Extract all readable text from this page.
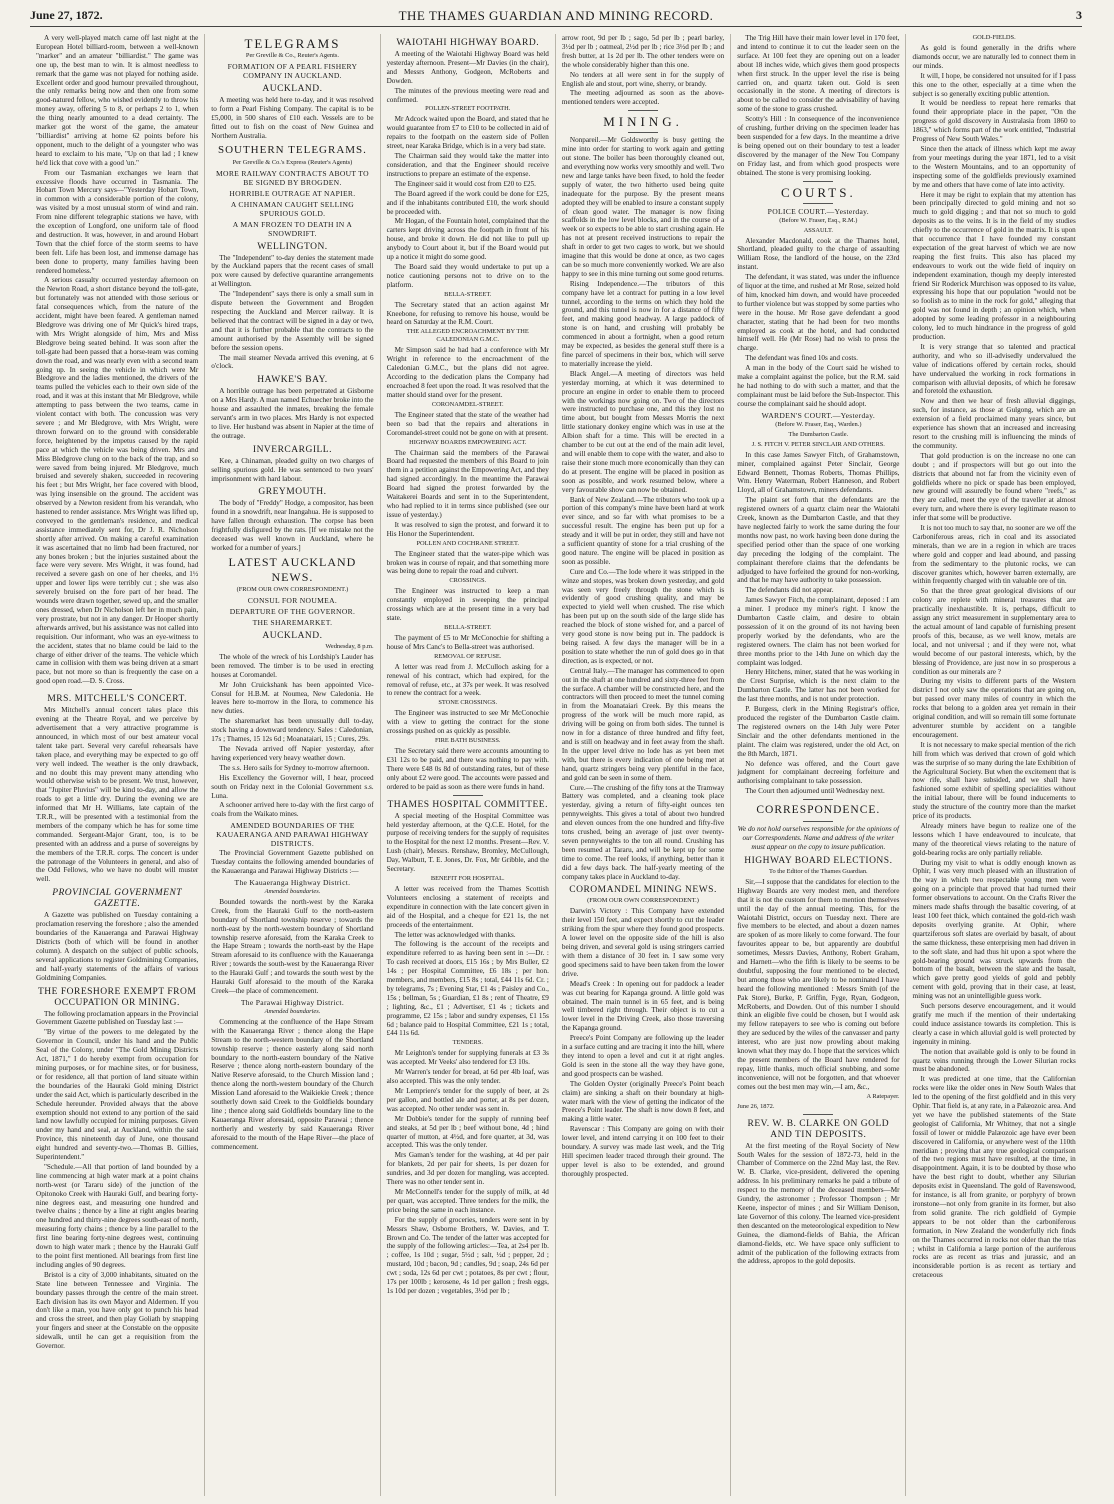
June 27, 1872.	THE THAMES GUARDIAN AND MINING RECORD.	3

A very well-played match came off last night at the European Hotel billiard-room, between a well-known "marker" and an amateur "billiardist." The game was one up, the best man to win. It is almost needless to remark that the game was not played for nothing aside. Excellent order and good humour prevailed throughout, the only remarks being now and then one from some good-natured fellow, who wished evidently to throw his money away, offering 5 to 8, or perhaps 2 to 1, when the thing nearly amounted to a dead certainty. The marker got the worst of the game, the amateur "billiardist" arriving at home 62 points before his opponent, much to the delight of a youngster who was heard to exclaim to his mate, "Up on that lad ; I knew he'd lick that cove with a good 'un."

From our Tasmanian exchanges we learn that excessive floods have occurred in Tasmania. The Hobart Town Mercury says—"Yesterday Hobart Town, in common with a considerable portion of the colony, was visited by a most unusual storm of wind and rain. From nine different telegraphic stations we have, with the exception of Longford, one uniform tale of flood and destruction. It was, however, in and around Hobart Town that the chief force of the storm seems to have been felt. Life has been lost, and immense damage has been done to property, many families having been rendered homeless."

A serious casualty occurred yesterday afternoon on the Newton Road, a short distance beyond the toll-gate, but fortunately was not attended with those serious or fatal consequences which, from the nature of the accident, might have been feared. A gentleman named Bledgrove was driving one of Mr Quick's hired traps, with Mrs Wright alongside of him, Mrs and Miss Bledgrove being seated behind. It was soon after the toll-gate had been passed that a horse-team was coming down the road, and was nearly even with a second team going up. In seeing the vehicle in which were Mr Bledgrove and the ladies mentioned, the drivers of the teams pulled the vehicles each to their own side of the road, and it was at this instant that Mr Bledgrove, while attempting to pass between the two teams, came in violent contact with both. The concussion was very severe ; and Mr Bledgrove, with Mrs Wright, were thrown forward on to the ground with considerable force, heightened by the impetus caused by the rapid pace at which the vehicle was being driven. Mrs and Miss Bledgrove clung on to the back of the trap, and so were saved from being injured. Mr Bledgrove, much bruised and severely shaken, succeeded in recovering his feet ; but Mrs Wright, her face covered with blood, was lying insensible on the ground. The accident was observed by a Newton resident from his verandah, who hastened to render assistance. Mrs Wright was lifted up, conveyed to the gentleman's residence, and medical assistance immediately sent for, Dr J. R. Nicholson shortly after arrived. On making a careful examination it was ascertained that no limb had been fractured, nor any bones broken ; but the injuries sustained about the face were very severe. Mrs Wright, it was found, had received a severe gash on one of her cheeks, and 1½ upper and lower lips were terribly cut ; she was also severely bruised on the fore part of her head. The wounds were drawn together, sewed up, and the smaller ones dressed, when Dr Nicholson left her in much pain, very prostrate, but not in any danger. Dr Hooper shortly afterwards arrived, but his assistance was not called into requisition. Our informant, who was an eye-witness to the accident, states that no blame could be laid to the charge of either driver of the teams. The vehicle which came in collision with them was being driven at a smart pace, but not more so than is frequently the case on a good open road.—D. S. Cross.

MRS. MITCHELL'S CONCERT.

Mrs Mitchell's annual concert takes place this evening at the Theatre Royal, and we perceive by advertisement that a very attractive programme is announced, in which most of our best amateur vocal talent take part. Several very careful rehearsals have taken place, and everything may be expected to go off very well indeed. The weather is the only drawback, and no doubt this may prevent many attending who would otherwise wish to be present. We trust, however, that "Jupiter Pluvius" will be kind to-day, and allow the roads to get a little dry. During the evening we are informed that Mr H. Williams, late captain of the T.R.R., will be presented with a testimonial from the members of the company which he has for some time commanded. Sergeant-Major Grant, too, is to be presented with an address and a purse of sovereigns by the members of the T.R.R. corps. The concert is under the patronage of the Volunteers in general, and also of the Odd Fellows, who we have no doubt will muster well.

PROVINCIAL GOVERNMENT GAZETTE.

A Gazette was published on Tuesday containing a proclamation reserving the foreshore ; also the amended boundaries of the Kauaeranga and Parawai Highway Districts (both of which will be found in another column). A despatch on the subject of public schools, several applications to register Goldmining Companies, and half-yearly statements of the affairs of various Goldmining Companies.

THE FORESHORE EXEMPT FROM OCCUPATION OR MINING.

The following proclamation appears in the Provincial Government Gazette published on Tuesday last :—

"By virtue of the powers to me delegated by the Governor in Council, under his hand and the Public Seal of the Colony, under "The Gold Mining Districts Act, 1871," I do hereby exempt from occupation for mining purposes, or for machine sites, or for business, or for residence, all that portion of land situate within the boundaries of the Hauraki Gold mining District under the said Act, which is particularly described in the Schedule hereunder. Provided always that the above exemption should not extend to any portion of the said land now lawfully occupied for mining purposes. Given under my hand and seal, at Auckland, within the said Province, this nineteenth day of June, one thousand eight hundred and seventy-two.—Thomas B. Gillies, Superintendent."

"Schedule.—All that portion of land bounded by a line commencing at high water mark at a point chains north-west (or Tararu side) of the junction of the Opitonoko Creek with Hauraki Gulf, and bearing forty-nine degrees east, and measuring one hundred and twelve chains ; thence by a line at right angles bearing one hundred and thirty-nine degrees south-east of north, measuring forty chains ; thence by a line parallel to the first line bearing forty-nine degrees west, continuing down to high water mark ; thence by the Hauraki Gulf to the point first mentioned. All bearings from first line including angles of 90 degrees.

Bristol is a city of 3,000 inhabitants, situated on the State line between Tennessee and Virginia. The boundary passes through the centre of the main street. Each division has its own Mayor and Aldermen. If you don't like a man, you have only got to punch his head and cross the street, and then play Goliath by snapping your fingers and sneer at the Constable on the opposite sidewalk, until he can get a requisition from the Governor.

TELEGRAMS
Per Greville & Co., Reuter's Agents.
FORMATION OF A PEARL FISHERY COMPANY IN AUCKLAND.
AUCKLAND.

A meeting was held here to-day, and it was resolved to form a Pearl Fishing Company. The capital is to be £5,000, in 500 shares of £10 each. Vessels are to be fitted out to fish on the coast of New Guinea and Northern Australia.

SOUTHERN TELEGRAMS.
Per Greville & Co.'s Express (Reuter's Agents)
MORE RAILWAY CONTRACTS ABOUT TO BE SIGNED BY BROGDEN.
HORRIBLE OUTRAGE AT NAPIER.
A CHINAMAN CAUGHT SELLING SPURIOUS GOLD.
A MAN FROZEN TO DEATH IN A SNOWDRIFT.
WELLINGTON.

The "Independent" to-day denies the statement made by the Auckland papers that the recent cases of small pox were caused by defective quarantine arrangements at Wellington.

The "Independent" says there is only a small sum in dispute between the Government and Brogden respecting the Auckland and Mercer railway. It is believed that the contract will be signed in a day or two, and that it is further probable that the contracts to the amount authorised by the Assembly will be signed before the session opens.

The mail steamer Nevada arrived this evening, at 6 o'clock.

HAWKE'S BAY.

A horrible outrage has been perpetrated at Gisborne on a Mrs Hardy. A man named Echuecher broke into the house and assaulted the inmates, breaking the female servant's arm in two places. Mrs Hardy is not expected to live. Her husband was absent in Napier at the time of the outrage.

INVERCARGILL.

Kee, a Chinaman, pleaded guilty on two charges of selling spurious gold. He was sentenced to two years' imprisonment with hard labour.

GREYMOUTH.

The body of "Freddy" Hodge, a compositor, has been found in a snowdrift, near Inangahua. He is supposed to have fallen through exhaustion. The corpse has been frightfully disfigured by the rats. [If we mistake not the deceased was well known in Auckland, where he worked for a number of years.]

LATEST AUCKLAND NEWS.
(FROM OUR OWN CORRESPONDENT.)
CONSUL FOR NOUMEA.
DEPARTURE OF THE GOVERNOR.
THE SHAREMARKET.
AUCKLAND.
Wednesday, 8 p.m.

The whole of the wreck of his Lordship's Lauder has been removed. The timber is to be used in erecting houses at Coromandel.

Mr John Cruickshank has been appointed Vice-Consul for H.B.M. at Noumea, New Caledonia. He leaves here to-morrow in the Ilora, to commence his new duties.

The sharemarket has been unusually dull to-day, stock having a downward tendency. Sales : Caledonian, 17s ; Thames, 15 12s 6d ; Moanataiari, 15 ; Cures, 29s.

The Nevada arrived off Napier yesterday, after having experienced very heavy weather down.

The s.s. Hero sails for Sydney to-morrow afternoon.

His Excellency the Governor will, I hear, proceed south on Friday next in the Colonial Government s.s. Luna.

A schooner arrived here to-day with the first cargo of coals from the Waikato mines.

AMENDED BOUNDARIES OF THE KAUAERANGA AND PARAWAI HIGHWAY DISTRICTS.

The Provincial Government Gazette published on Tuesday contains the following amended boundaries of the Kauaeranga and Parawai Highway Districts :—

The Kauaeranga Highway District.
Amended boundaries.

Bounded towards the north-west by the Karaka Creek, from the Hauraki Gulf to the north-eastern boundary of Shortland township reserve ; towards the north-east by the north-western boundary of Shortland township reserve aforesaid, from the Karaka Creek to the Hape Stream ; towards the north-east by the Hape Stream aforesaid to its confluence with the Kauaeranga River ; towards the south-west by the Kauaeranga River to the Hauraki Gulf ; and towards the south west by the Hauraki Gulf aforesaid to the mouth of the Karaka Creek—the place of commencement.

The Parawai Highway District.
Amended boundaries.

Commencing at the confluence of the Hape Stream with the Kauaeranga River ; thence along the Hape Stream to the north-western boundary of the Shortland township reserve ; thence easterly along said north boundary to the north-eastern boundary of the Native Reserve ; thence along north-eastern boundary of the Native Reserve aforesaid, to the Church Mission land ; thence along the north-western boundary of the Church Mission Land aforesaid to the Waikiekie Creek ; thence southerly down said Creek to the Goldfields boundary line ; thence along said Goldfields boundary line to the Kauaeranga River aforesaid, opposite Parawai ; thence northerly and westerly by said Kauaeranga River aforesaid to the mouth of the Hape River—the place of commencement.

WAIOTAHI HIGHWAY BOARD.

A meeting of the Waiotahi Highway Board was held yesterday afternoon. Present—Mr Davies (in the chair), and Messrs Anthony, Godgeon, McRoberts and Dowden.

The minutes of the previous meeting were read and confirmed.

POLLEN-STREET FOOTPATH.

Mr Adcock waited upon the Board, and stated that he would guarantee from £7 to £10 to be collected in aid of repairs to the footpath on the eastern side of Pollen street, near Karaka Bridge, which is in a very bad state.

The Chairman said they would take the matter into consideration, and that the Engineer should receive instructions to prepare an estimate of the expense.

The Engineer said it would cost from £20 to £25.

The Board agreed if the work could be done for £25, and if the inhabitants contributed £10, the work should be proceeded with.

Mr Hogan, of the Fountain hotel, complained that the carters kept driving across the footpath in front of his house, and broke it down. He did not like to pull up anybody to Court about it, but if the Board would put up a notice it might do some good.

The Board said they would undertake to put up a notice cautioning persons not to drive on to the platform.

BELLA-STREET.

The Secretary stated that an action against Mr Kneebone, for refusing to remove his house, would be heard on Saturday at the R.M. Court.

THE ALLEGED ENCROACHMENT BY THE CALEDONIAN G.M.C.

Mr Simpson said he had had a conference with Mr Wright in reference to the encroachment of the Caledonian G.M.C., but the plans did not agree. According to the dedication plans the Company had encroached 8 feet upon the road. It was resolved that the matter should stand over for the present.

CORONAMDEL-STREET.

The Engineer stated that the state of the weather had been so bad that the repairs and alterations in Coromandel-street could not be gone on with at present.

HIGHWAY BOARDS EMPOWERING ACT.

The Chairman said the members of the Parawai Board had requested the members of this Board to join them in a petition against the Empowering Act, and they had signed accordingly. In the meantime the Parawai Board had signed the protest forwarded by the Waitakerei Boards and sent in to the Superintendent, who had replied to it in terms since published (see our issue of yesterday.)

It was resolved to sign the protest, and forward it to His Honor the Superintendent.

POLLEN AND COCHRANE STREET.

The Engineer stated that the water-pipe which was broken was in course of repair, and that something more was being done to repair the road and culvert.

CROSSINGS.

The Engineer was instructed to keep a man constantly employed in sweeping the principal crossings which are at the present time in a very bad state.

BELLA-STREET.

The payment of £5 to Mr McConochie for shifting a house of Mrs Canc's to Bella-street was authorised.

REMOVAL OF REFUSE.

A letter was read from J. McCulloch asking for a renewal of his contract, which had expired, for the removal of refuse, etc., at 37s per week. It was resolved to renew the contract for a week.

STONE CROSSINGS.

The Engineer was instructed to see Mr McConochie with a view to getting the contract for the stone crossings pushed on as quickly as possible.

FIRE BATH BUSINESS.

The Secretary said there were accounts amounting to £31 12s to be paid, and there was nothing to pay with. There were £48 0s 8d of outstanding rates, but of these only about £2 were good. The accounts were passed and ordered to be paid as soon as there were funds in hand.

THAMES HOSPITAL COMMITTEE.

A special meeting of the Hospital Committee was held yesterday afternoon, at the Q.C.E. Hotel, for the purpose of receiving tenders for the supply of requisites to the Hospital for the next 12 months. Present—Rev. V. Lush (chair), Messrs. Renshaw, Bromley, McCullough, Day, Walbutt, T. E. Jones, Dr. Fox, Mr Gribble, and the Secretary.

BENEFIT FOR HOSPITAL.

A letter was received from the Thames Scottish Volunteers enclosing a statement of receipts and expenditure in connection with the late concert given in aid of the Hospital, and a cheque for £21 1s, the net proceeds of the entertainment.

The letter was acknowledged with thanks.

The following is the account of the receipts and expenditure referred to as having been sent in :—Dr. : To cash received at doors, £15 16s ; by Mrs Buller, £2 14s ; per Hospital Committee, £6 18s ; per hon. members, and members, £15 8s ; total, £44 11s 6d. Cr. ; by telegrams, 7s ; Evening Star, £1 4s ; Paisley and Co., 15s ; bellman, 5s ; Guardian, £1 8s ; rent of Theatre, £9 ; lighting, &c., £1 ; Advertiser, £1 4s ; tickets and programme, £2 15s ; labor and sundry expenses, £1 15s 6d ; balance paid to Hospital Committee, £21 1s ; total, £44 11s 6d.

TENDERS.

Mr Leighton's tender for supplying funerals at £3 3s was accepted. Mr Veeks' also tendered for £3 10s.

Mr Warren's tender for bread, at 6d per 4lb loaf, was also accepted. This was the only tender.

Mr Lempriere's tender for the supply of beer, at 2s per gallon, and bottled ale and porter, at 8s per dozen, was accepted. No other tender was sent in.

Mr Dobbie's tender for the supply of running beef and steaks, at 5d per lb ; beef without bone, 4d ; hind quarter of mutton, at 4½d, and fore quarter, at 3d, was accepted. This was the only tender.

Mrs Gaman's tender for the washing, at 4d per pair for blankets, 2d per pair for sheets, 1s per dozen for sundries, and 3d per dozen for mangling, was accepted. There was no other tender sent in.

Mr McConnell's tender for the supply of milk, at 4d per quart, was accepted. Three tenders for the milk, the price being the same in each instance.

For the supply of groceries, tenders were sent in by Messrs Shaw, Osborne Brothers, W. Davies, and T. Brown and Co. The tender of the latter was accepted for the supply of the following articles:—Tea, at 2s4 per lb. ; coffee, 1s 10d ; sugar, 5½d ; salt, ½d ; pepper, 2d ; mustard, 10d ; bacon, 9d ; candles, 9d ; soap, 24s 6d per cwt ; soda, 12s 6d per cwt ; potatoes, 8s per cwt ; flour, 17s per 100lb ; kerosene, 4s 1d per gallon ; fresh eggs, 1s 10d per dozen ; vegetables, 3½d per lb ;

arrow root, 9d per lb ; sago, 5d per lb ; pearl barley, 3½d per lb ; oatmeal, 2½d per lb ; rice 3½d per lb ; and fresh butter, at 1s 2d per lb. The other tenders were on the whole considerably higher than this one.

No tenders at all were sent in for the supply of English ale and stout, port wine, sherry, or brandy.

The meeting adjourned as soon as the above-mentioned tenders were accepted.

MINING.

Nonpareil.—Mr Goldsworthy is busy getting the mine into order for starting to work again and getting out stone. The boiler has been thoroughly cleaned out, and everything now works very smoothly and well. Two new and large tanks have been fixed, to hold the feeder supply of water, the two hitherto used being quite inadequate for the purpose. By the present means adopted they will be enabled to insure a constant supply of clean good water. The manager is now fixing scaffolds in the low level blocks, and in the course of a week or so expects to be able to start crushing again. He has not at present received instructions to repair the shaft in order to get two cages to work, but we should imagine that this would be done at once, as two cages can be so much more conveniently worked. We are also happy to see in this mine turning out some good returns.

Rising Independence.—The tributors of this company have let a contract for putting in a low level tunnel, according to the terms on which they hold the ground, and this tunnel is now in for a distance of fifty feet, and making good headway. A large paddock of stone is on hand, and crushing will probably be commenced in about a fortnight, when a good return may be expected, as besides the general stuff there is a fine parcel of specimens in their box, which will serve to materially increase the yield.

Black Angel.—A meeting of directors was held yesterday morning, at which it was determined to procure an engine in order to enable them to proceed with the workings now going on. Two of the directors were instructed to purchase one, and this they lost no time about, but bought from Messrs Morris the next little stationary donkey engine which was in use at the Albion shaft for a time. This will be erected in a chamber to be cut out at the end of the main adit level, and will enable them to cope with the water, and also to raise their stone much more economically than they can do at present. The engine will be placed in position as soon as possible, and work resumed below, where a very favourable show can now be obtained.

Bank of New Zealand.—The tributors who took up a portion of this company's mine have been hard at work ever since, and so far with what promises to be a successful result. The engine has been put up for a steady and it will be put in order, they still and have not a sufficient quantity of stone for a trial crushing of the good nature. The engine will be placed in position as soon as possible.

Cure and Co.—The lode where it was stripped in the winze and stopes, was broken down yesterday, and gold was seen very freely through the stone which is evidently of good crushing quality, and may be expected to yield well when crushed. The rise which has been put up on the south side of the large slide has reached the block of stone wished for, and a parcel of very good stone is now being put in. The paddock is being raised. A few days the manager will be in a position to state whether the run of gold does go in that direction, as is expected, or not.

Central Italy.—The manager has commenced to open out in the shaft at one hundred and sixty-three feet from the surface. A chamber will be constructed here, and the contractors will then proceed to meet the tunnel coming in from the Moanataiari Creek. By this means the progress of the work will be much more rapid, as driving will be going on from both sides. The tunnel is now in for a distance of three hundred and fifty feet, and is still on headway and in feet away from the shaft. In the upper level drive no lode has as yet been met with, but there is every indication of one being met at hand, quartz stringers being very plentiful in the face, and gold can be seen in some of them.

Cure.—The crushing of the fifty tons at the Tramway Battery was completed, and a cleaning took place yesterday, giving a return of fifty-eight ounces ten pennyweights. This gives a total of about two hundred and eleven ounces from the one hundred and fifty-five tons crushed, being an average of just over twenty-seven pennyweights to the ton all round. Crushing has been resumed at Tararu, and will be kept up for some time to come. The reef looks, if anything, better than it did a few days back. The half-yearly meeting of the company takes place in Auckland to-day.

COROMANDEL MINING NEWS.
(FROM OUR OWN CORRESPONDENT.)

Darwin's Victory : This Company have extended their level 150 feet, and expect shortly to cut the leader striking from the spur where they found good prospects. A lower level on the opposite side of the hill is also being driven, and several gold is using stringers carried with them a distance of 30 feet in. I saw some very good specimens said to have been taken from the lower drive.

Mead's Creek : In opening out for paddock a leader was cut bearing for Kapanga ground. A little gold was obtained. The main tunnel is in 65 feet, and is being well timbered right through. Their object is to cut a lower level in the Driving Creek, also those traversing the Kapanga ground.

Preece's Point Company are following up the leader in a surface cutting and are tracing it into the hill, where they intend to open a level and cut it at right angles. Gold is seen in the stone all the way they have gone, and good prospects can be washed.

The Golden Oyster (originally Preece's Point beach claim) are sinking a shaft on their boundary at high-water mark with the view of getting the indicator of the Preece's Point leader. The shaft is now down 8 feet, and making a little water.

Ravenscar : This Company are going on with their lower level, and intend carrying it on 100 feet to their boundary. A survey was made last week, and the Trig Hill specimen leader traced through their ground. The upper level is also to be extended, and ground thoroughly prospected.

The Trig Hill have their main lower level in 170 feet, and intend to continue it to cut the leader seen on the surface. At 100 feet they are opening out on a leader about 18 inches wide, which gives them good prospects when first struck. In the upper level the rise is being carried on, and quartz taken out. Gold is seen occasionally in the stone. A meeting of directors is about to be called to consider the advisability of having some of the stone to grass crushed.

Scotty's Hill : In consequence of the inconvenience of crushing, further driving on the specimen leader has been suspended for a few days. In the meantime a drive is being opened out on their boundary to test a leader discovered by the manager of the New Tou Company on Friday last, and from which good prospects were obtained. The stone is very promising looking.

COURTS.
POLICE COURT.—Yesterday.
(Before W. Fraser, Esq., R.M.)
ASSAULT.

Alexander Macdonald, cook at the Thames hotel, Shortland, pleaded guilty to the charge of assaulting William Rose, the landlord of the house, on the 23rd instant.

The defendant, it was stated, was under the influence of liquor at the time, and rushed at Mr Rose, seized hold of him, knocked him down, and would have proceeded to further violence but was stopped by some parties who were in the house. Mr Rose gave defendant a good character, stating that he had been for two months employed as cook at the hotel, and had conducted himself well. He (Mr Rose) had no wish to press the charge.

The defendant was fined 10s and costs.

A man in the body of the Court said he wished to make a complaint against the police, but the R.M. said he had nothing to do with such a matter, and that the complainant must be laid before the Sub-Inspector. This course the complainant said he should adopt.

WARDEN'S COURT.—Yesterday.
(Before W. Fraser, Esq., Warden.)
The Dumbarton Castle.
J. S. FITCH V. PETER SINCLAIR AND OTHERS.

In this case James Sawyer Fitch, of Grahamstown, miner, complained against Peter Sinclair, George Edward Bennett, Thomas Roberts, Thomas Phillips, Wm. Henry Waterman, Robert Hanneson, and Robert Lloyd, all of Grahamstown, miners defendants.

The plaint set forth that the defendants are the registered owners of a quartz claim near the Waiotahi Creek, known as the Dumbarton Castle, and that they have neglected fairly to work the same during the four months now past, no work having been done during the specified period other than the space of one working day preceding the lodging of the complaint. The complainant therefore claims that the defendants be adjudged to have forfeited the ground for non-working, and that he may have authority to take possession.

The defendants did not appear.

James Sawyer Fitch, the complainant, deposed : I am a miner. I produce my miner's right. I know the Dumbarton Castle claim, and desire to obtain possession of it on the ground of its not having been properly worked by the defendants, who are the registered owners. The claim has not been worked for three months prior to the 14th June on which day the complaint was lodged.

Henry Hitchens, miner, stated that he was working in the Crest Surprise, which is the next claim to the Dumbarton Castle. The latter has not been worked for the last three months, and is not under protection.

P. Burgess, clerk in the Mining Registrar's office, produced the register of the Dumbarton Castle claim. The registered owners on the 14th July were Peter Sinclair and the other defendants mentioned in the plaint. The claim was registered, under the old Act, on the 8th March, 1871.

No defence was offered, and the Court gave judgment for complainant decreeing forfeiture and authorising complainant to take possession.

The Court then adjourned until Wednesday next.

CORRESPONDENCE.

We do not hold ourselves responsible for the opinions of our Correspondents. Name and address of the writer must appear on the copy to insure publication.

HIGHWAY BOARD ELECTIONS.
To the Editor of the Thames Guardian.

Sir,—I suppose that the candidates for election to the Highway Boards are very modest men, and therefore that it is not the custom for them to mention themselves until the day of the annual meeting. This, for the Waiotahi District, occurs on Tuesday next. There are five members to be elected, and about a dozen names are spoken of as more likely to come forward. The four favourites appear to be, but apparently are doubtful sometimes, Messrs Davies, Anthony, Robert Graham, and Harnett—who the fifth is likely to be seems to be doubtful, supposing the four mentioned to be elected, but among those who are likely to be nominated I have heard the following mentioned : Messrs Smith (of the Pak Store), Burke, P. Griffin, Fyge, Ryan, Godgeon, McRoberts, and Dowden. Out of this number I should think an eligible five could be chosen, but I would ask my fellow ratepayers to see who is coming out before they are seduced by the wiles of the canvasser and party interest, who are just now prowling about making known what they may do. I hope that the services which the present members of the Board have rendered for repay, little thanks, much official snubbing, and some inconvenience, will not be forgotten, and that whoever comes out the best men may win,—I am, &c.,

A Ratepayer.
June 26, 1872.
REV. W. B. CLARKE ON GOLD AND TIN DEPOSITS.

At the first meeting of the Royal Society of New South Wales for the session of 1872-73, held in the Chamber of Commerce on the 22nd May last, the Rev. W. B. Clarke, vice-president, delivered the opening address. In his preliminary remarks he paid a tribute of respect to the memory of the deceased members—Mr Gundry, the astronomer ; Professor Thompson ; Mr Keene, inspector of mines ; and Sir William Denison, late Governor of this colony. The learned vice-president then descanted on the meteorological expedition to New Guinea, the diamond-fields of Bahia, the African diamond-fields, etc. We have space only sufficient to admit of the publication of the following extracts from the address, apropos to the gold deposits.

GOLD-FIELDS.

As gold is found generally in the drifts where diamonds occur, we are naturally led to connect them in our minds.

It will, I hope, be considered not unsuited for if I pass this one to the other, especially at a time when the subject is so generally exciting public attention.

It would be needless to repeat here remarks that found their appropriate place in the paper, "On the progress of gold discovery in Australasia from 1860 to 1863," which forms part of the work entitled, "Industrial Progress of New South Wales."

Since then the attack of illness which kept me away from your meetings during the year 1871, led to a visit to the Western Mountains, and to an opportunity of inspecting some of the goldfields previously examined by me and others that have come of late into activity.

Here it may be right to explain that my attention has been principally directed to gold mining and not so much to gold digging ; and that not so much to gold deposits as to the veins. It is in the field of my studies chiefly to the occurrence of gold in the matrix. It is upon that occurrence that I have founded my constant expectation of the great harvest of which we are now reaping the first fruits. This also has placed my endeavours to work out the wide field of inquiry on independent examination, though my deeply interested friend Sir Roderick Murchison was opposed to its value, expressing his hope that our population "would not be so foolish as to mine in the rock for gold," alleging that gold was not found in depth ; an opinion which, when adopted by some leading professor in a neighbouring colony, led to much hindrance in the progress of gold production.

It is very strange that so talented and practical authority, and who so ill-advisedly undervalued the value of indications offered by certain rocks, should have undervalued the working in rock formations in comparison with alluvial deposits, of which he foresaw and foretold the exhaustion.

Now and then we hear of fresh alluvial diggings, such, for instance, as those at Gulgong, which are an extension of a field proclaimed many years since, but experience has shown that an increased and increasing resort to the crushing mill is influencing the minds of the community.

That gold production is on the increase no one can doubt ; and if prospectors will but go out into the districts that abound not far from the vicinity even of goldfields where no pick or spade has been employed, new ground will assuredly be found where "reefs," as they are called, meet the eye of the traveller at almost every turn, and where there is every legitimate reason to infer that some will be productive.

It is not too much to say that, no sooner are we off the Carboniferous areas, rich in coal and its associated minerals, than we are in a region in which are traces where gold and copper and lead abound, and passing from the sedimentary to the plutonic rocks, we can discover granites which, however barren externally, are within frequently charged with tin valuable ore of tin.

So that the three great geological divisions of our colony are replete with mineral treasures that are practically inexhaustible. It is, perhaps, difficult to assign any strict measurement in supplementary area to the actual amount of land capable of furnishing present proofs of this, because, as we well know, metals are local, and not universal ; and if they were not, what would become of our pastoral interests, which, by the blessing of Providence, are just now in so prosperous a condition as our minerals are ?

During my visits to different parts of the Western district I not only saw the operations that are going on, but passed over many miles of country in which the rocks that belong to a golden area yet remain in their original condition, and will so remain till some fortunate adventurer stumble by accident on a tangible encouragement.

It is not necessary to make special mention of the rich hill from which was derived that crown of gold which was the surprise of so many during the late Exhibition of the Agricultural Society. But when the excitement that is now rife, shall have subsided, and we shall have fashioned some exhibit of spelling specialities without the initial labour, there will be found inducements to study the structure of the country more than the market price of its products.

Already miners have begun to realize one of the lessons which I have endeavoured to inculcate, that many of the theoretical views relating to the nature of gold-bearing rocks are only partially reliable.

During my visit to what is oddly enough known as Ophir, I was very much pleased with an illustration of the way in which two respectable young men were going on a principle that proved that had turned their former observations to account. On the Crafts River the miners made shafts through the basaltic covering, of at least 100 feet thick, which contained the gold-rich wash deposits overlying granite. At Ophir, where quartziferous soft slates are overlaid by basalt, of about the same thickness, these enterprising men had driven in to the soft slate, and had thus hit upon a spot where the gold-bearing ground was struck upwards from the bottom of the basalt, between the slate and the basalt, which gave pretty good yields of gold and pebbly cement with gold, proving that in their case, at least, mining was not an unintelligible guess work.

Such persons deserve encouragement, and it would gratify me much if the mention of their undertaking could induce assistance towards its completion. This is clearly a case in which alluvial gold is well protected by ingenuity in mining.

The notion that available gold is only to be found in quartz veins running through the Lower Silurian rocks must be abandoned.

It was predicted at one time, that the Californian rocks were like the older ones in New South Wales that led to the opening of the first goldfield and in this very Ophir. That field is, at any rate, in a Palæozoic area. And yet we have the published statements of the State geologist of California, Mr Whitney, that not a single fossil of lower or middle Palæozoic age have ever been discovered in California, or anywhere west of the 110th meridian ; proving that any true geological comparison of the two regions must have resulted, at the time, in disappointment. Again, it is to be doubted by those who have the best right to doubt, whether any Silurian deposits exist in Queensland. The gold of Ravenswood, for instance, is all from granite, or porphyry of brown ironstone—not only from granite in its former, but also from solid granite. The rich goldfield of Gympie appears to be not older than the carboniferous formation, in New Zealand the wonderfully rich finds on the Thames occurred in rocks not older than the trias ; whilst in California a large portion of the auriferous rocks are as recent as trias and jurassic, and an inconsiderable portion is as recent as tertiary and cretaceous
